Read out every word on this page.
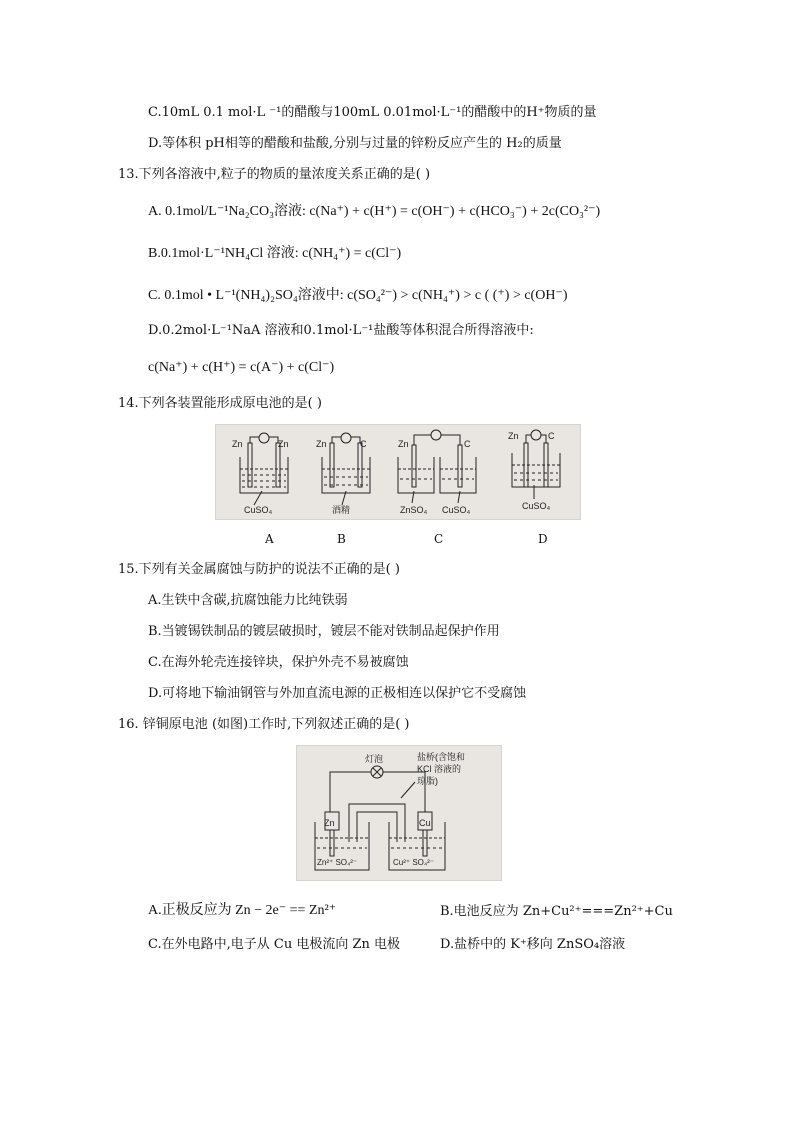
C.10mL 0.1 mol·L ⁻¹的醋酸与100mL 0.01mol·L⁻¹的醋酸中的H⁺物质的量
D.等体积 pH相等的醋酸和盐酸,分别与过量的锌粉反应产生的 H₂的质量
13.下列各溶液中,粒子的物质的量浓度关系正确的是( )
A. 0.1mol/L⁻¹Na₂CO₃溶液: c(Na⁺) + c(H⁺) = c(OH⁻) + c(HCO₃⁻) + 2c(CO₃²⁻)
B.0.1mol·L⁻¹NH₄Cl 溶液: c(NH₄⁺) = c(Cl⁻)
C. 0.1mol • L⁻¹(NH₄)₂SO₄溶液中: c(SO₄²⁻) > c(NH₄⁺) > c ( (⁺) > c(OH⁻)
D.0.2mol·L⁻¹NaA 溶液和0.1mol·L⁻¹盐酸等体积混合所得溶液中:
c(Na⁺) + c(H⁺) = c(A⁻) + c(Cl⁻)
14.下列各装置能形成原电池的是( )
Zn	Zn
CuSO₄
Zn	C
酒精
Zn	C
ZnSO₄ CuSO₄
Zn	C
CuSO₄
A	B	C	D
15.下列有关金属腐蚀与防护的说法不正确的是( )
A.生铁中含碳,抗腐蚀能力比纯铁弱
B.当镀锡铁制品的镀层破损时，镀层不能对铁制品起保护作用
C.在海外轮壳连接锌块，保护外壳不易被腐蚀
D.可将地下输油钢管与外加直流电源的正极相连以保护它不受腐蚀
16. 锌铜原电池 (如图)工作时,下列叙述正确的是( )
灯泡	盐桥(含饱和
KCl 溶液的
琼脂)
Zn	Cu
Zn²⁺ SO₄²⁻	Cu²⁺ SO₄²⁻
A.正极反应为 Zn − 2e⁻ == Zn²⁺	B.电池反应为 Zn+Cu²⁺===Zn²⁺+Cu
C.在外电路中,电子从 Cu 电极流向 Zn 电极	D.盐桥中的 K⁺移向 ZnSO₄溶液
